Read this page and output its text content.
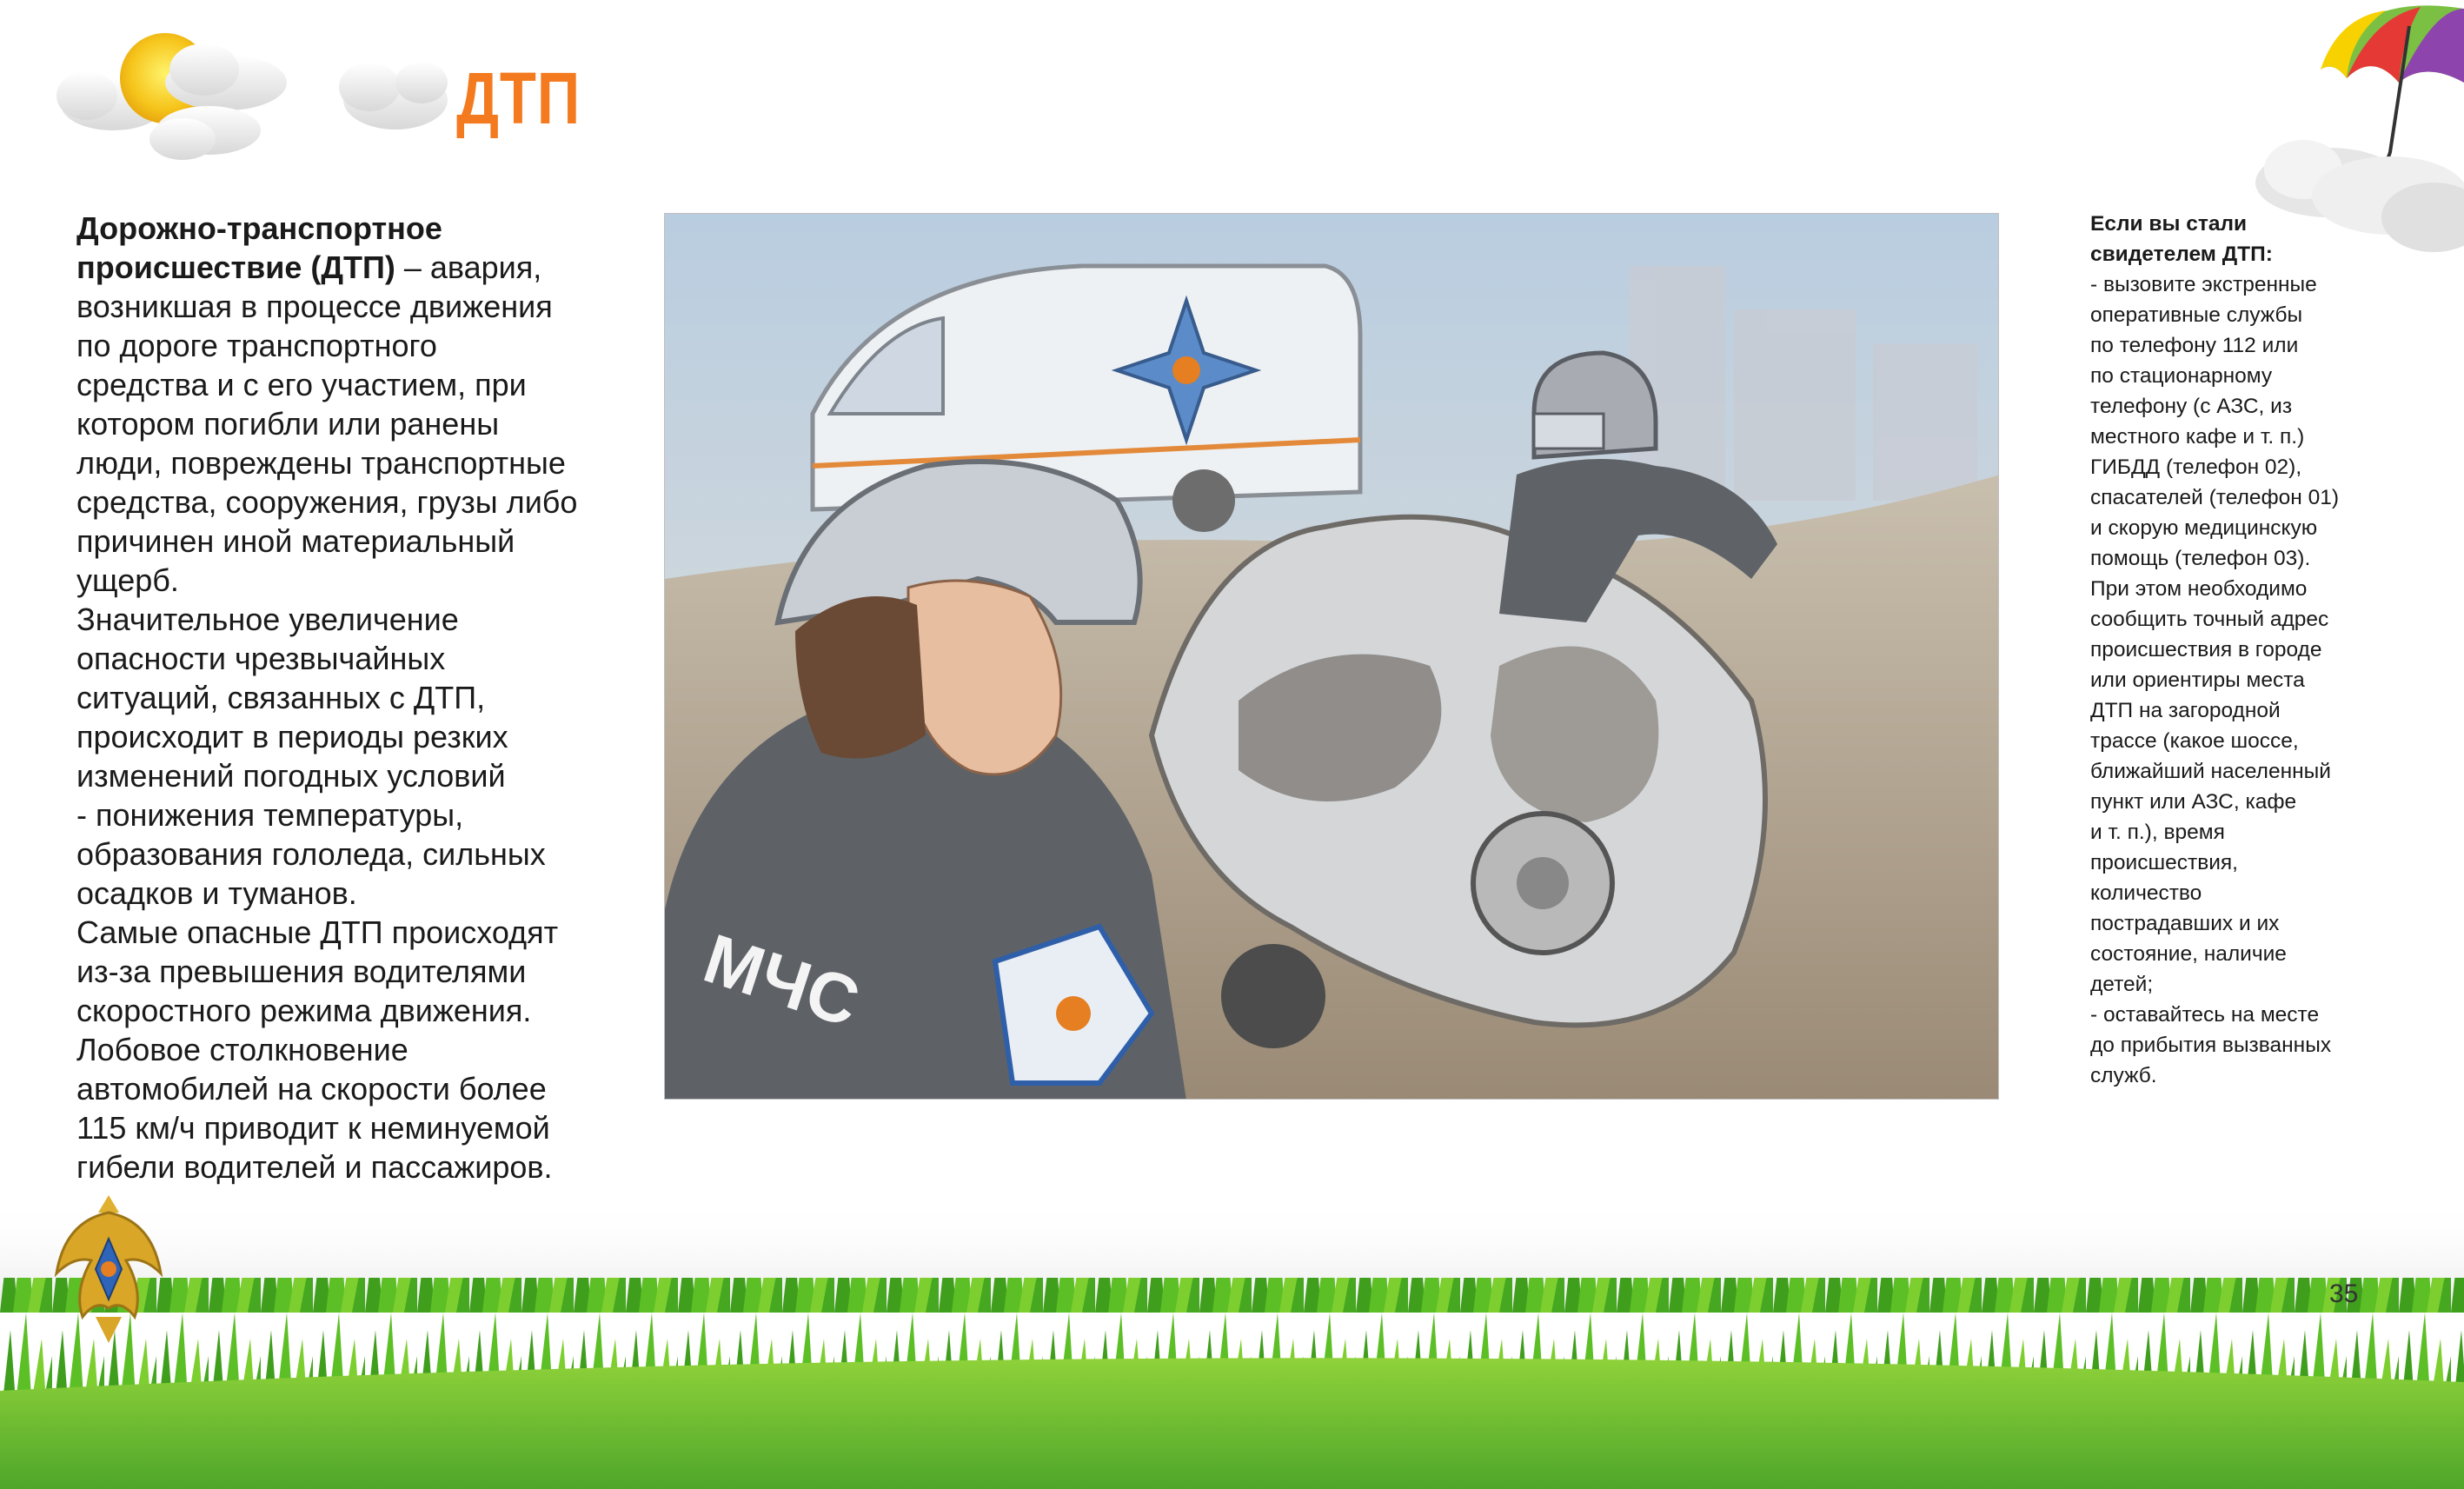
ДТП
Дорожно-транспортное
происшествие (ДТП) – авария,
возникшая в процессе движения
по дороге транспортного
средства и с его участием, при
котором погибли или ранены
люди, повреждены транспортные
средства, сооружения, грузы либо
причинен иной материальный
ущерб.
Значительное увеличение
опасности чрезвычайных
ситуаций, связанных с ДТП,
происходит в периоды резких
изменений погодных условий
- понижения температуры,
образования гололеда, сильных
осадков и туманов.
Самые опасные ДТП происходят
из-за превышения водителями
скоростного режима движения.
Лобовое столкновение
автомобилей на скорости более
115 км/ч приводит к неминуемой
гибели водителей и пассажиров.
МЧС
Если вы стали
свидетелем ДТП:
- вызовите экстренные
оперативные службы
по телефону 112 или
по стационарному
телефону (с АЗС, из
местного кафе и т. п.)
ГИБДД (телефон 02),
спасателей (телефон 01)
и скорую медицинскую
помощь (телефон 03).
При этом необходимо
сообщить точный адрес
происшествия в городе
или ориентиры места
ДТП на загородной
трассе (какое шоссе,
ближайший населенный
пункт или АЗС, кафе
и т. п.), время
происшествия,
количество
пострадавших и их
состояние, наличие
детей;
- оставайтесь на месте
до прибытия вызванных
служб.
35
